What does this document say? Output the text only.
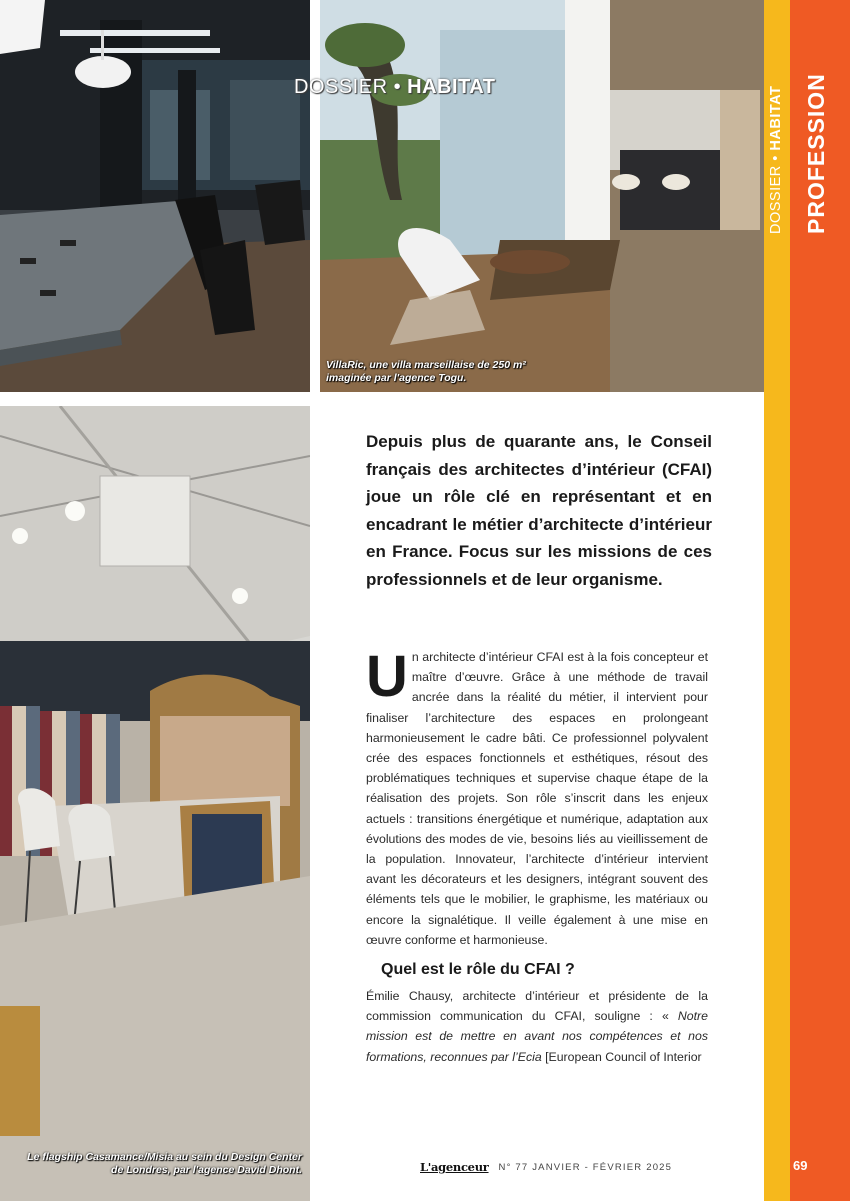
DOSSIER • HABITAT
VillaRic, une villa marseillaise de 250 m² imaginée par l'agence Togu.
Le flagship Casamance/Misia au sein du Design Center de Londres, par l'agence David Dhont.
DOSSIER • HABITAT PROFESSION
Depuis plus de quarante ans, le Conseil français des architectes d’intérieur (CFAI) joue un rôle clé en représentant et en encadrant le métier d’architecte d’intérieur en France. Focus sur les missions de ces professionnels et de leur organisme.
Un architecte d’intérieur CFAI est à la fois concepteur et maître d’œuvre. Grâce à une méthode de travail ancrée dans la réalité du métier, il intervient pour finaliser l’architecture des espaces en prolongeant harmonieusement le cadre bâti. Ce professionnel polyvalent crée des espaces fonctionnels et esthétiques, résout des problématiques techniques et supervise chaque étape de la réalisation des projets. Son rôle s’inscrit dans les enjeux actuels : transitions énergétique et numérique, adaptation aux évolutions des modes de vie, besoins liés au vieillissement de la population. Innovateur, l’architecte d’intérieur intervient avant les décorateurs et les designers, intégrant souvent des éléments tels que le mobilier, le graphisme, les matériaux ou encore la signalétique. Il veille également à une mise en œuvre conforme et harmonieuse.
Quel est le rôle du CFAI ?
Émilie Chausy, architecte d’intérieur et présidente de la commission communication du CFAI, souligne : « Notre mission est de mettre en avant nos compétences et nos formations, reconnues par l’Ecia [European Council of Interior
L'agenceur N° 77 JANVIER - FÉVRIER 2025	69
